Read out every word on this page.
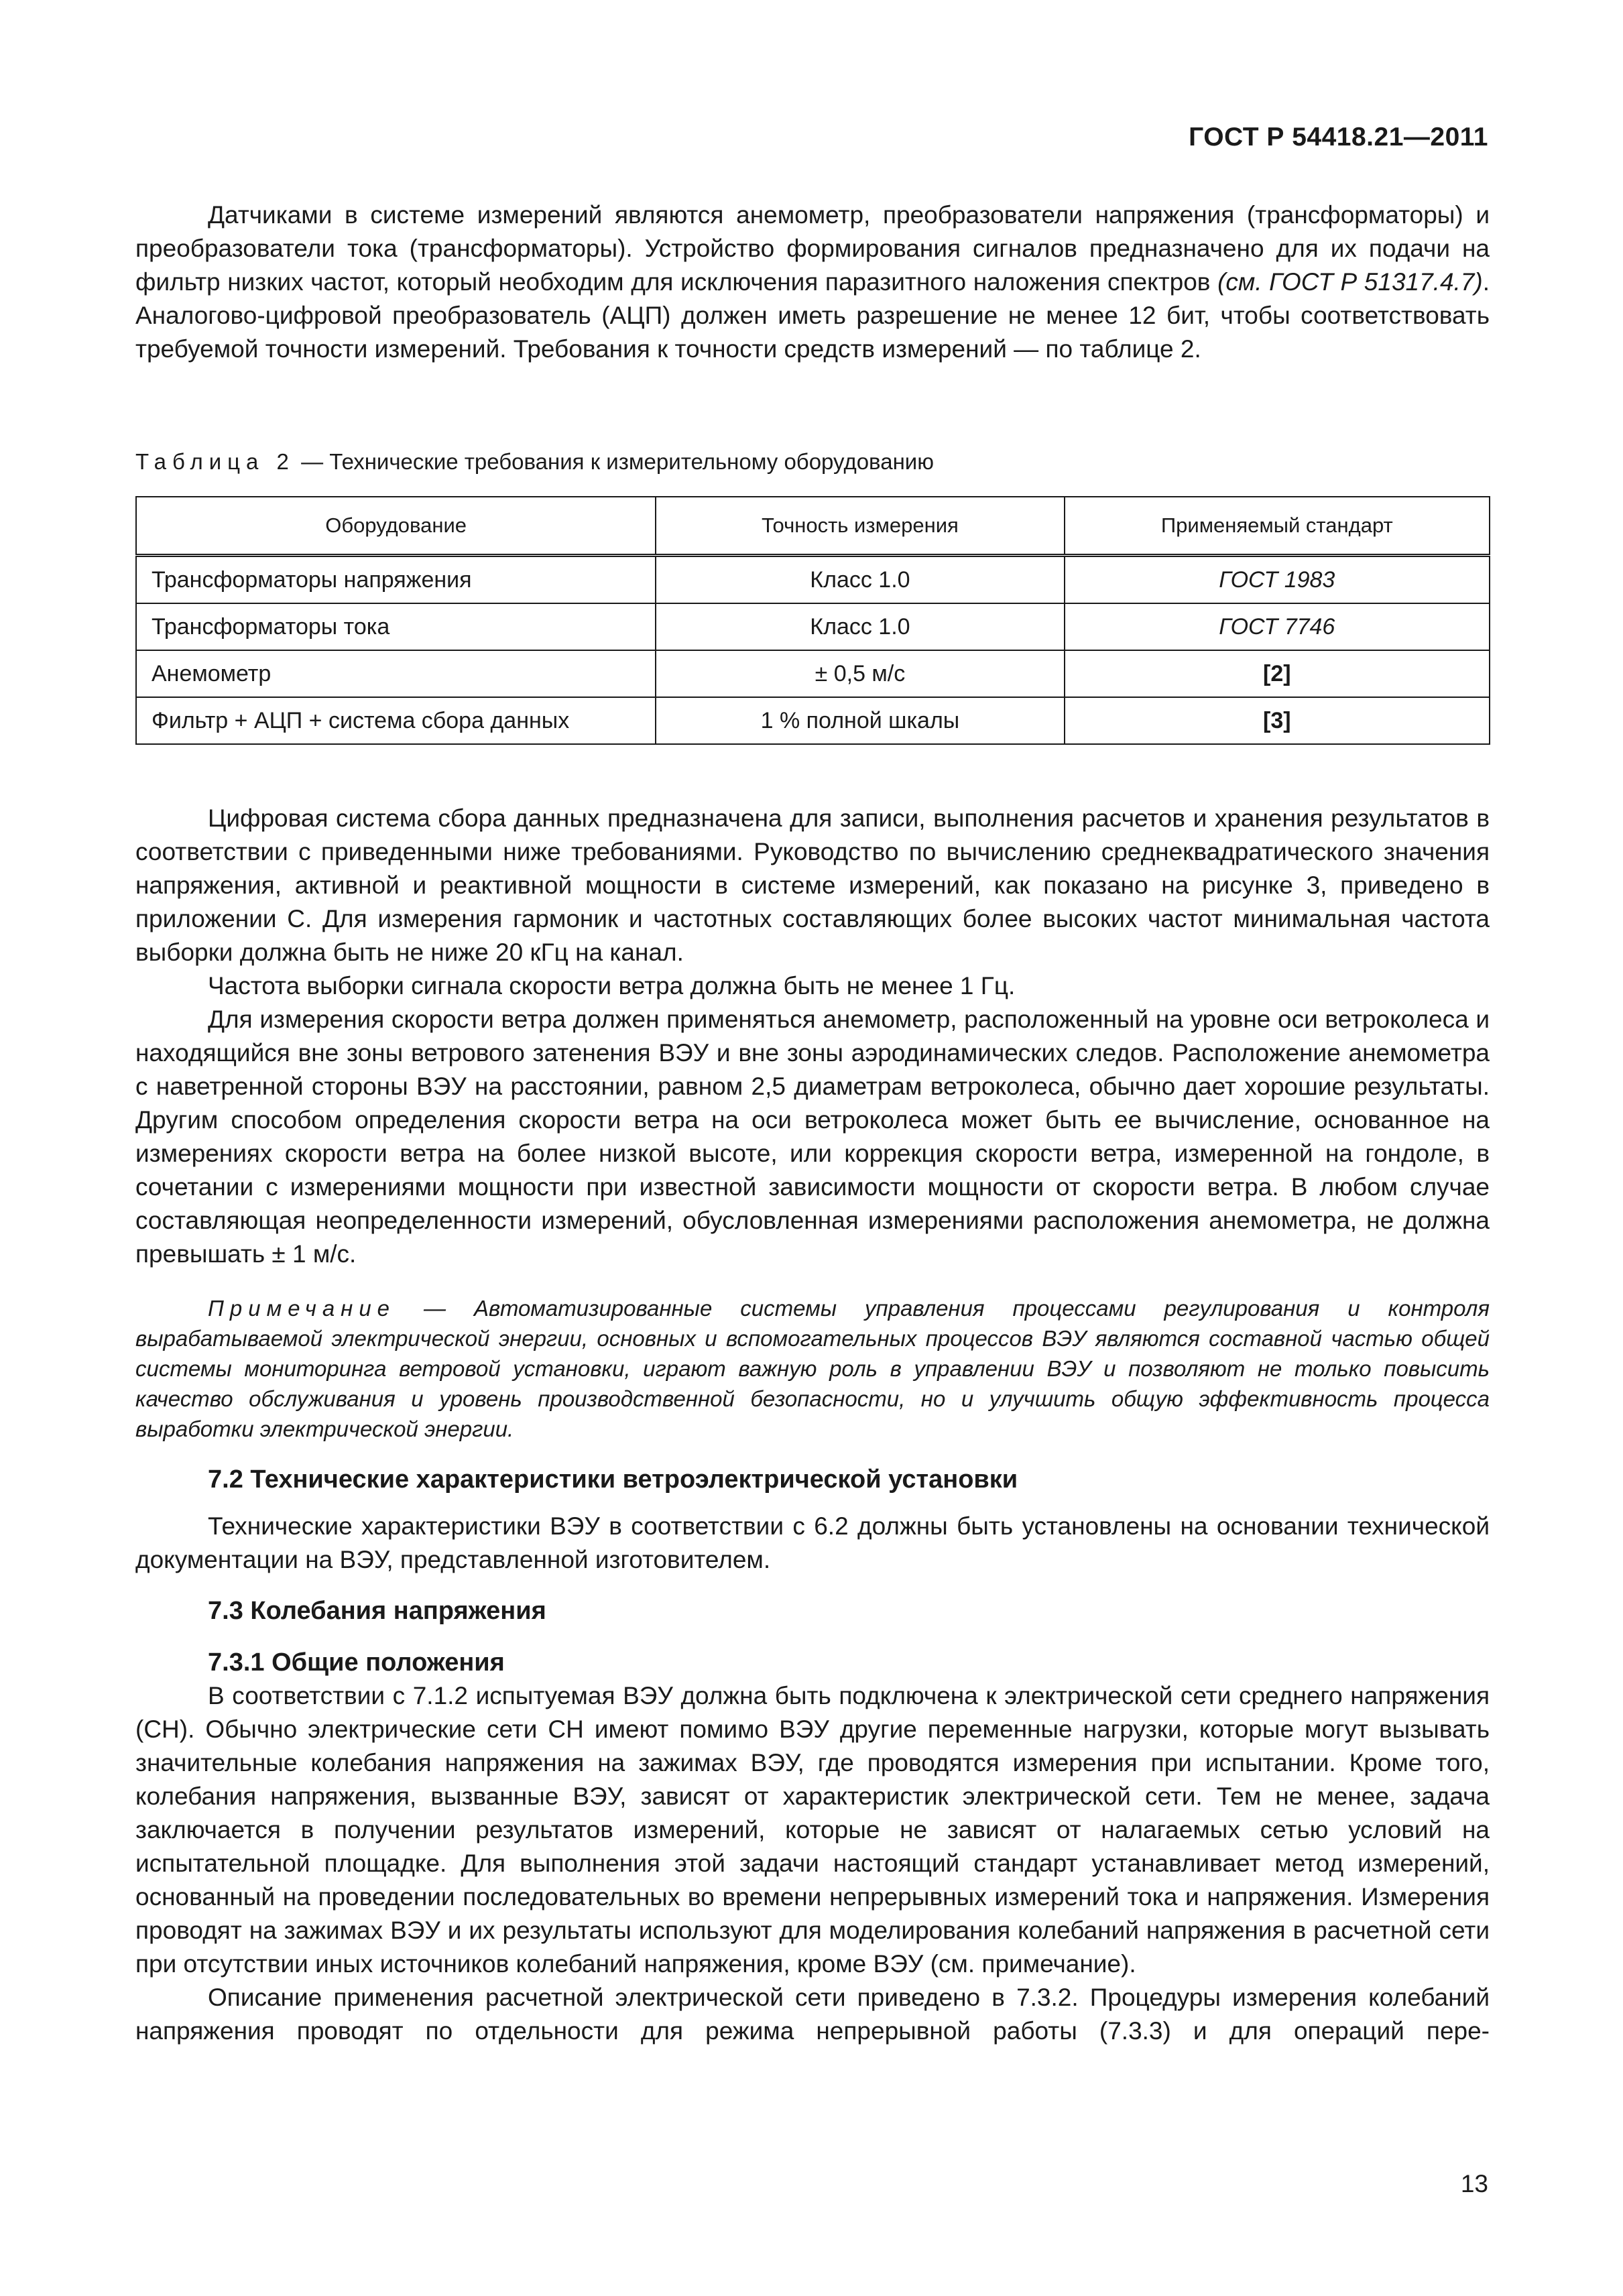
ГОСТ Р 54418.21—2011

Датчиками в системе измерений являются анемометр, преобразователи напряжения (трансформаторы) и преобразователи тока (трансформаторы). Устройство формирования сигналов предназначено для их подачи на фильтр низких частот, который необходим для исключения паразитного наложения спектров (см. ГОСТ Р 51317.4.7). Аналогово-цифровой преобразователь (АЦП) должен иметь разрешение не менее 12 бит, чтобы соответствовать требуемой точности измерений. Требования к точности средств измерений — по таблице 2.

Таблица 2 — Технические требования к измерительному оборудованию
Оборудование	Точность измерения	Применяемый стандарт
Трансформаторы напряжения	Класс 1.0	ГОСТ 1983
Трансформаторы тока	Класс 1.0	ГОСТ 7746
Анемометр	± 0,5 м/с	[2]
Фильтр + АЦП + система сбора данных	1 % полной шкалы	[3]

Цифровая система сбора данных предназначена для записи, выполнения расчетов и хранения результатов в соответствии с приведенными ниже требованиями. Руководство по вычислению среднеквадратического значения напряжения, активной и реактивной мощности в системе измерений, как показано на рисунке 3, приведено в приложении С. Для измерения гармоник и частотных составляющих более высоких частот минимальная частота выборки должна быть не ниже 20 кГц на канал.

Частота выборки сигнала скорости ветра должна быть не менее 1 Гц.

Для измерения скорости ветра должен применяться анемометр, расположенный на уровне оси ветроколеса и находящийся вне зоны ветрового затенения ВЭУ и вне зоны аэродинамических следов. Расположение анемометра с наветренной стороны ВЭУ на расстоянии, равном 2,5 диаметрам ветроколеса, обычно дает хорошие результаты. Другим способом определения скорости ветра на оси ветроколеса может быть ее вычисление, основанное на измерениях скорости ветра на более низкой высоте, или коррекция скорости ветра, измеренной на гондоле, в сочетании с измерениями мощности при известной зависимости мощности от скорости ветра. В любом случае составляющая неопределенности измерений, обусловленная измерениями расположения анемометра, не должна превышать ± 1 м/с.

Примечание — Автоматизированные системы управления процессами регулирования и контроля вырабатываемой электрической энергии, основных и вспомогательных процессов ВЭУ являются составной частью общей системы мониторинга ветровой установки, играют важную роль в управлении ВЭУ и позволяют не только повысить качество обслуживания и уровень производственной безопасности, но и улучшить общую эффективность процесса выработки электрической энергии.

7.2 Технические характеристики ветроэлектрической установки

Технические характеристики ВЭУ в соответствии с 6.2 должны быть установлены на основании технической документации на ВЭУ, представленной изготовителем.

7.3 Колебания напряжения
7.3.1 Общие положения

В соответствии с 7.1.2 испытуемая ВЭУ должна быть подключена к электрической сети среднего напряжения (СН). Обычно электрические сети СН имеют помимо ВЭУ другие переменные нагрузки, которые могут вызывать значительные колебания напряжения на зажимах ВЭУ, где проводятся измерения при испытании. Кроме того, колебания напряжения, вызванные ВЭУ, зависят от характеристик электрической сети. Тем не менее, задача заключается в получении результатов измерений, которые не зависят от налагаемых сетью условий на испытательной площадке. Для выполнения этой задачи настоящий стандарт устанавливает метод измерений, основанный на проведении последовательных во времени непрерывных измерений тока и напряжения. Измерения проводят на зажимах ВЭУ и их результаты используют для моделирования колебаний напряжения в расчетной сети при отсутствии иных источников колебаний напряжения, кроме ВЭУ (см. примечание).

Описание применения расчетной электрической сети приведено в 7.3.2. Процедуры измерения колебаний напряжения проводят по отдельности для режима непрерывной работы (7.3.3) и для операций пере-

13
